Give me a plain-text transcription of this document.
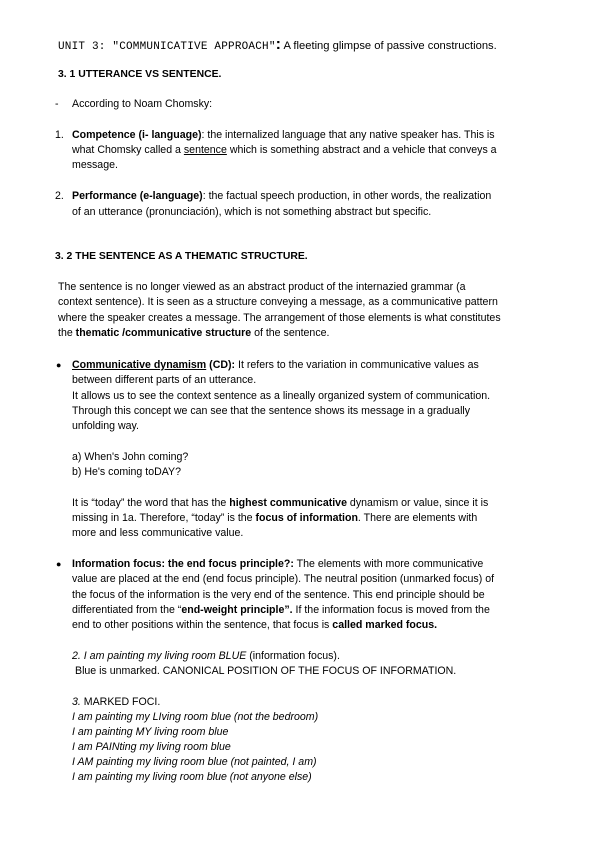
UNIT 3: "COMMUNICATIVE APPROACH": A fleeting glimpse of passive constructions.
3. 1 UTTERANCE VS SENTENCE.
- According to Noam Chomsky:
1. Competence (i- language): the internalized language that any native speaker has. This is
what Chomsky called a sentence which is something abstract and a vehicle that conveys a
message.
2. Performance (e-language): the factual speech production, in other words, the realization
of an utterance (pronunciación), which is not something abstract but specific.
3. 2 THE SENTENCE AS A THEMATIC STRUCTURE.
The sentence is no longer viewed as an abstract product of the internazied grammar (a
context sentence). It is seen as a structure conveying a message, as a communicative pattern
where the speaker creates a message. The arrangement of those elements is what constitutes
the thematic /communicative structure of the sentence.
● Communicative dynamism (CD): It refers to the variation in communicative values as
between different parts of an utterance.
It allows us to see the context sentence as a lineally organized system of communication.
Through this concept we can see that the sentence shows its message in a gradually
unfolding way.
a) When's John coming?
b) He's coming toDAY?
It is “today” the word that has the highest communicative dynamism or value, since it is
missing in 1a. Therefore, “today” is the focus of information. There are elements with
more and less communicative value.
● Information focus: the end focus principle?: The elements with more communicative
value are placed at the end (end focus principle). The neutral position (unmarked focus) of
the focus of the information is the very end of the sentence. This end principle should be
differentiated from the “end-weight principle”. If the information focus is moved from the
end to other positions within the sentence, that focus is called marked focus.
2. I am painting my living room BLUE (information focus).
Blue is unmarked. CANONICAL POSITION OF THE FOCUS OF INFORMATION.
3. MARKED FOCI.
I am painting my LIving room blue (not the bedroom)
I am painting MY living room blue
I am PAINting my living room blue
I AM painting my living room blue (not painted, I am)
I am painting my living room blue (not anyone else)
